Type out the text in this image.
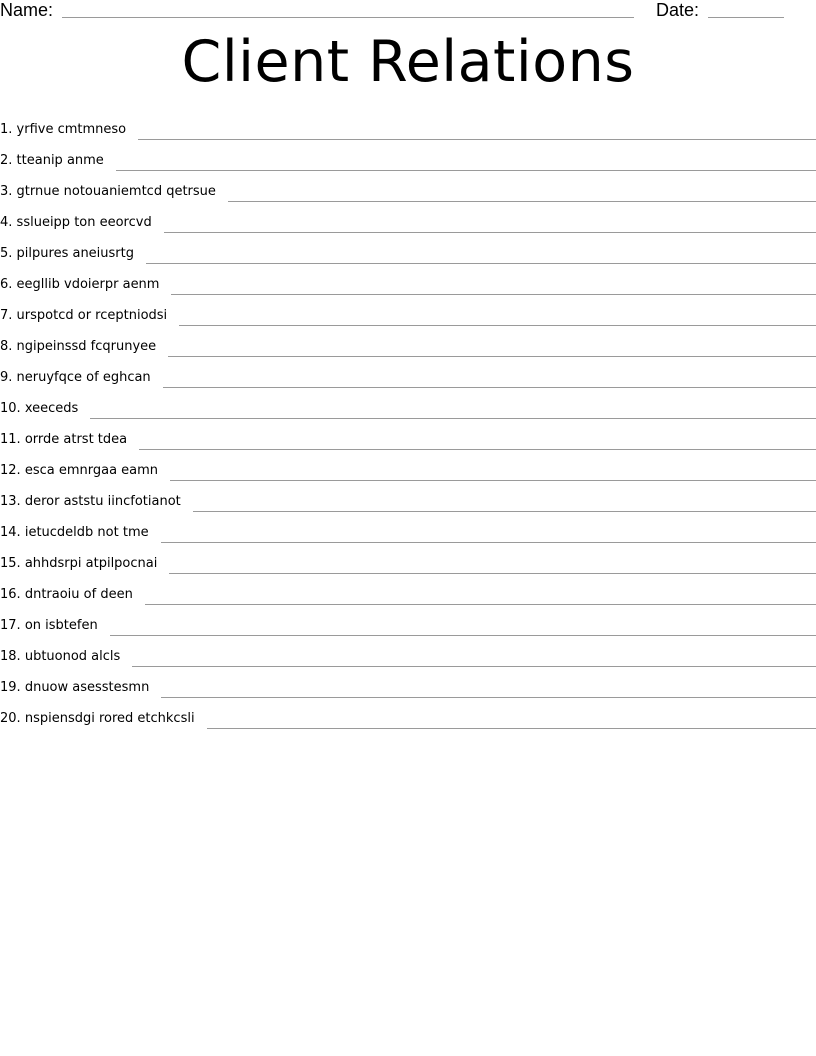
Name:	Date:
Client Relations
1. yrfive cmtmneso
2. tteanip anme
3. gtrnue notouaniemtcd qetrsue
4. sslueipp ton eeorcvd
5. pilpures aneiusrtg
6. eegllib vdoierpr aenm
7. urspotcd or rceptniodsi
8. ngipeinssd fcqrunyee
9. neruyfqce of eghcan
10. xeeceds
11. orrde atrst tdea
12. esca emnrgaa eamn
13. deror aststu iincfotianot
14. ietucdeldb not tme
15. ahhdsrpi atpilpocnai
16. dntraoiu of deen
17. on isbtefen
18. ubtuonod alcls
19. dnuow asesstesmn
20. nspiensdgi rored etchkcsli
